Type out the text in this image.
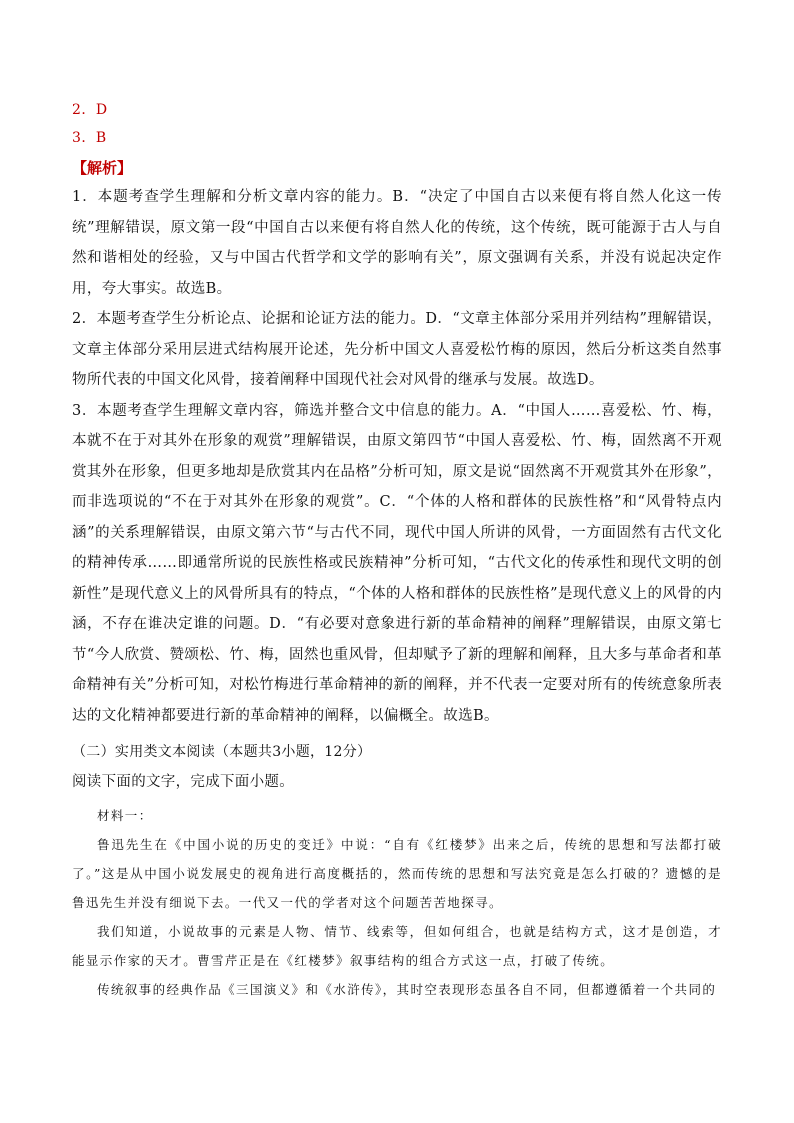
2．D
3．B
【解析】

1．本题考查学生理解和分析文章内容的能力。B．“决定了中国自古以来便有将自然人化这一传统”理解错误，原文第一段“中国自古以来便有将自然人化的传统，这个传统，既可能源于古人与自然和谐相处的经验，又与中国古代哲学和文学的影响有关”，原文强调有关系，并没有说起决定作用，夸大事实。故选B。

2．本题考查学生分析论点、论据和论证方法的能力。D．“文章主体部分采用并列结构”理解错误，文章主体部分采用层进式结构展开论述，先分析中国文人喜爱松竹梅的原因，然后分析这类自然事物所代表的中国文化风骨，接着阐释中国现代社会对风骨的继承与发展。故选D。

3．本题考查学生理解文章内容，筛选并整合文中信息的能力。A．“中国人……喜爱松、竹、梅，本就不在于对其外在形象的观赏”理解错误，由原文第四节“中国人喜爱松、竹、梅，固然离不开观赏其外在形象，但更多地却是欣赏其内在品格”分析可知，原文是说“固然离不开观赏其外在形象”，而非选项说的“不在于对其外在形象的观赏”。C．“个体的人格和群体的民族性格”和“风骨特点内涵”的关系理解错误，由原文第六节“与古代不同，现代中国人所讲的风骨，一方面固然有古代文化的精神传承……即通常所说的民族性格或民族精神”分析可知，“古代文化的传承性和现代文明的创新性”是现代意义上的风骨所具有的特点，“个体的人格和群体的民族性格”是现代意义上的风骨的内涵，不存在谁决定谁的问题。D．“有必要对意象进行新的革命精神的阐释”理解错误，由原文第七节“今人欣赏、赞颂松、竹、梅，固然也重风骨，但却赋予了新的理解和阐释，且大多与革命者和革命精神有关”分析可知，对松竹梅进行革命精神的新的阐释，并不代表一定要对所有的传统意象所表达的文化精神都要进行新的革命精神的阐释，以偏概全。故选B。

（二）实用类文本阅读（本题共3小题，12分）

阅读下面的文字，完成下面小题。

材料一：

鲁迅先生在《中国小说的历史的变迁》中说：“自有《红楼梦》出来之后，传统的思想和写法都打破了。”这是从中国小说发展史的视角进行高度概括的，然而传统的思想和写法究竟是怎么打破的？遗憾的是鲁迅先生并没有细说下去。一代又一代的学者对这个问题苦苦地探寻。

我们知道，小说故事的元素是人物、情节、线索等，但如何组合，也就是结构方式，这才是创造，才能显示作家的天才。曹雪芹正是在《红楼梦》叙事结构的组合方式这一点，打破了传统。

传统叙事的经典作品《三国演义》和《水浒传》，其时空表现形态虽各自不同，但都遵循着一个共同的
